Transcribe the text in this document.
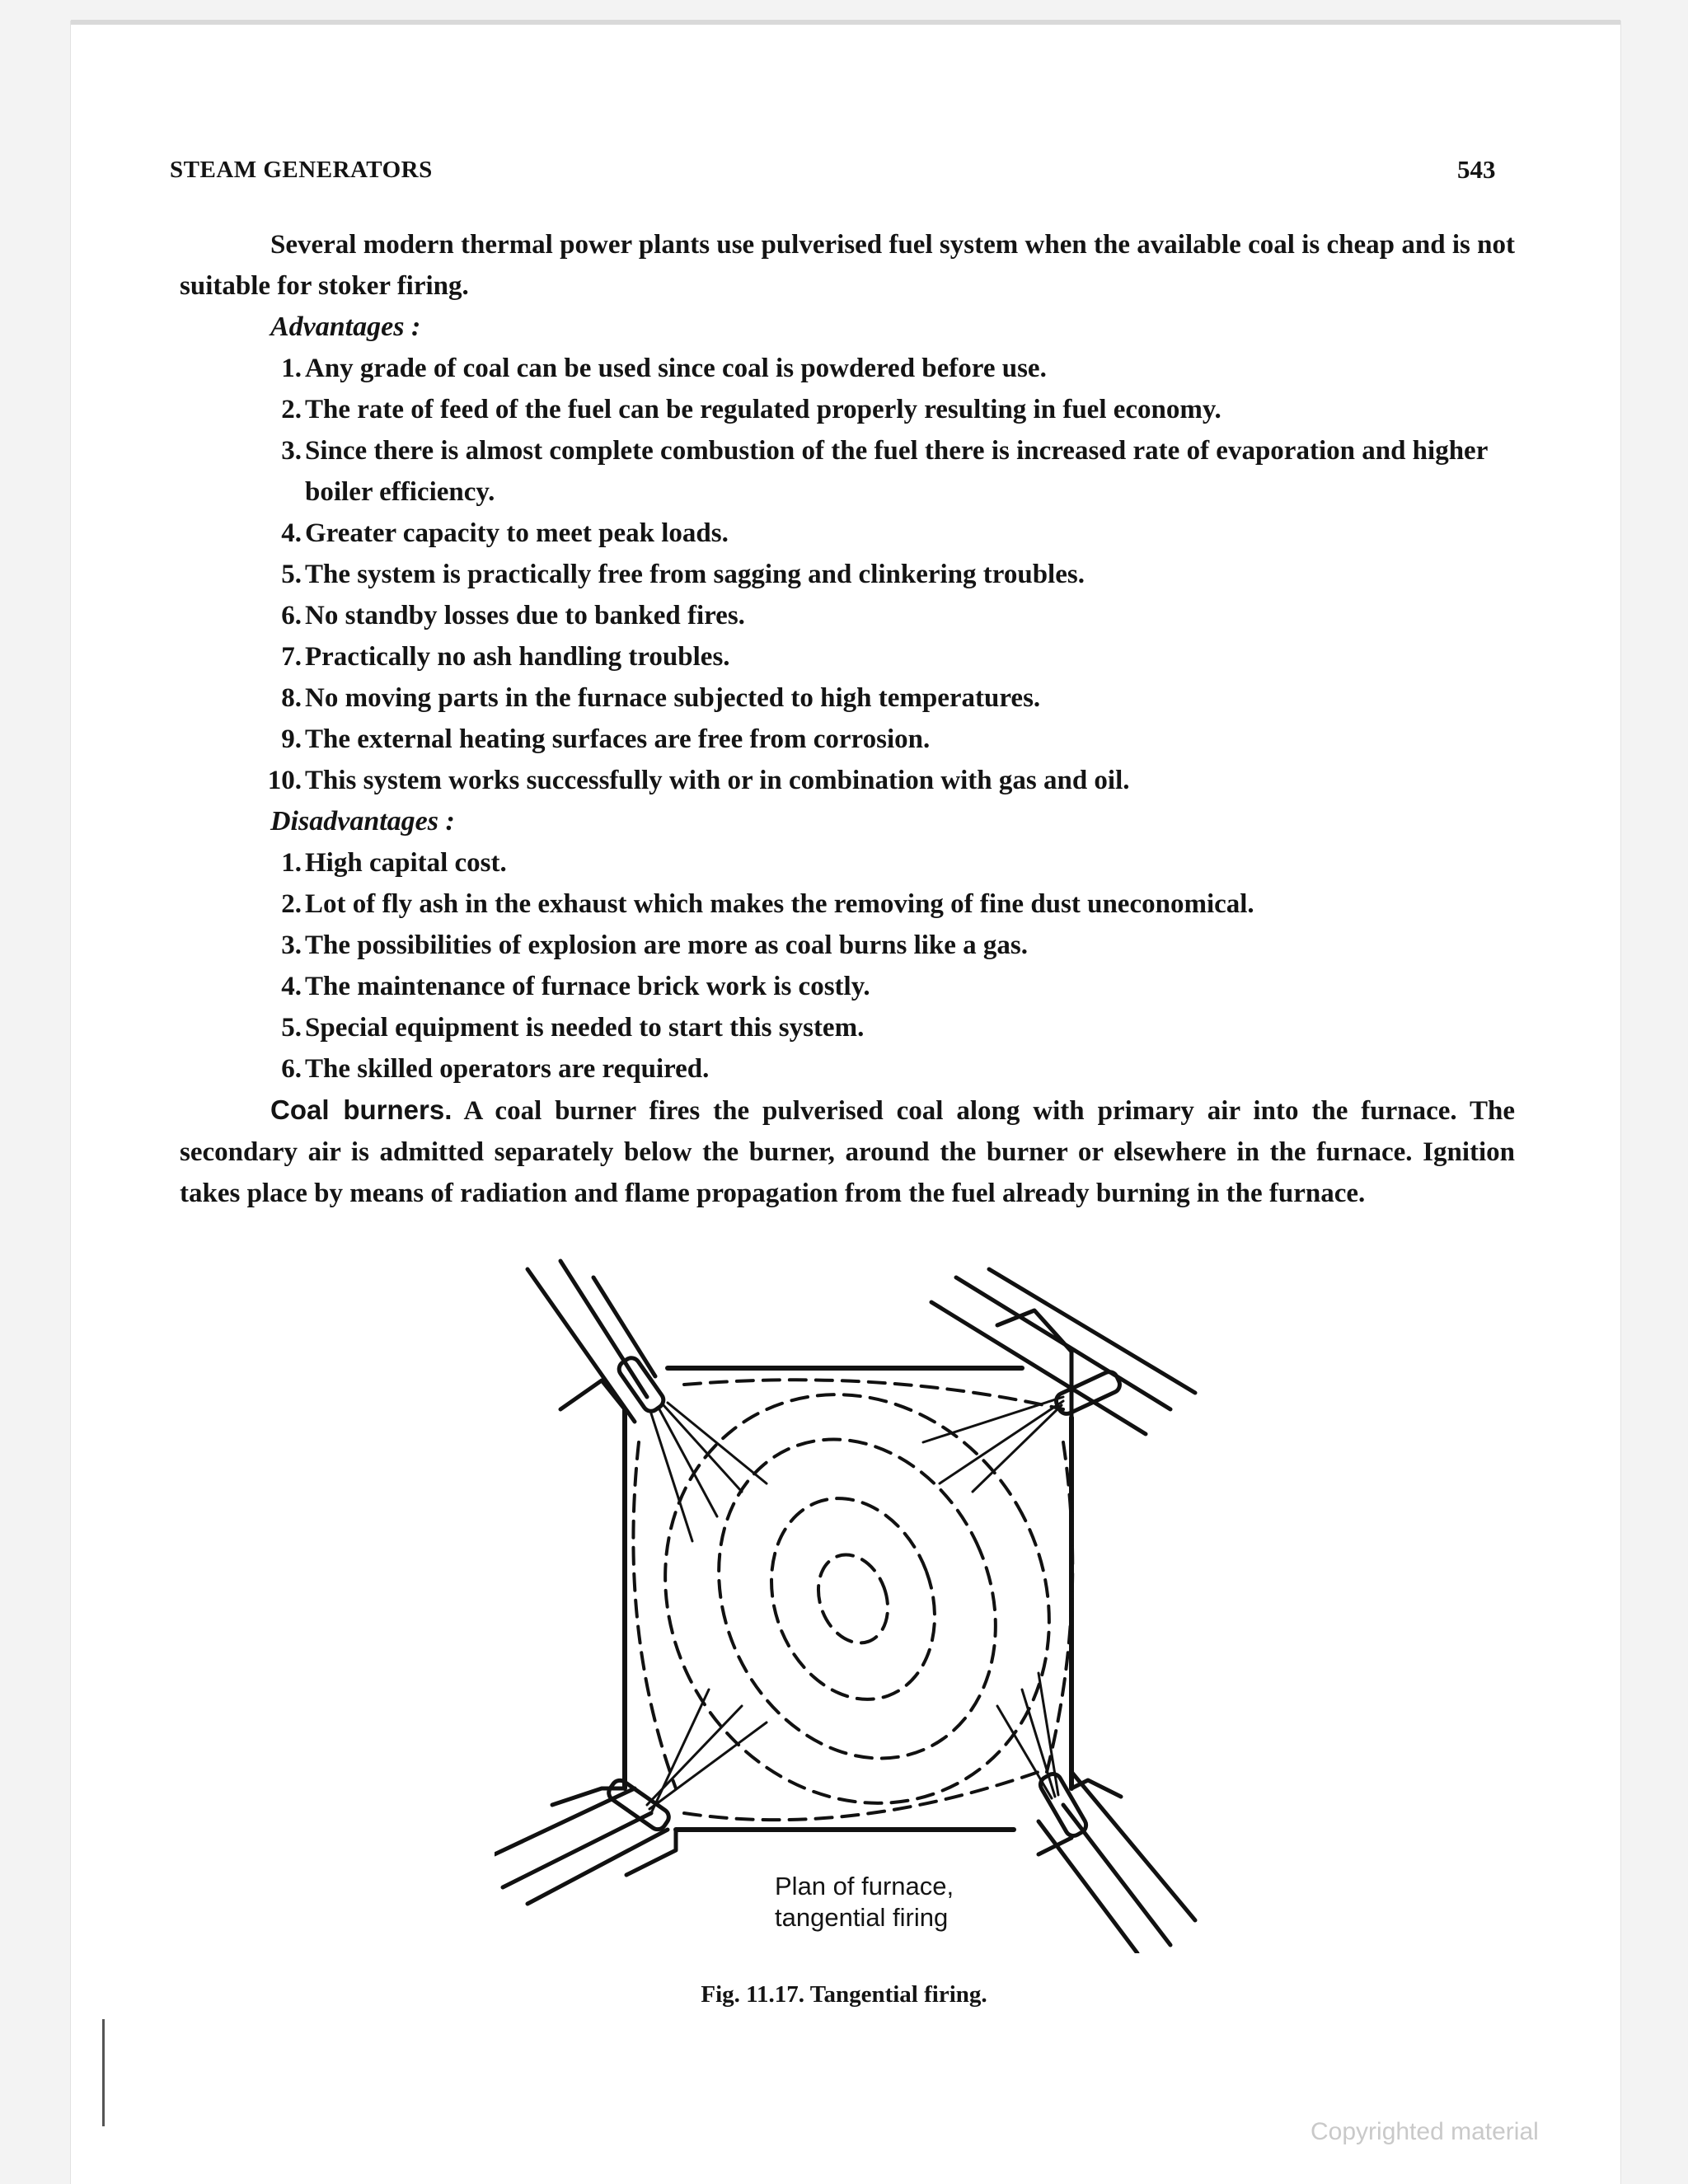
STEAM GENERATORS	543

Several modern thermal power plants use pulverised fuel system when the available coal is cheap and is not suitable for stoker firing.

Advantages :

1. Any grade of coal can be used since coal is powdered before use.
2. The rate of feed of the fuel can be regulated properly resulting in fuel economy.
3. Since there is almost complete combustion of the fuel there is increased rate of evaporation and higher boiler efficiency.
4. Greater capacity to meet peak loads.
5. The system is practically free from sagging and clinkering troubles.
6. No standby losses due to banked fires.
7. Practically no ash handling troubles.
8. No moving parts in the furnace subjected to high temperatures.
9. The external heating surfaces are free from corrosion.
10. This system works successfully with or in combination with gas and oil.

Disadvantages :

1. High capital cost.
2. Lot of fly ash in the exhaust which makes the removing of fine dust uneconomical.
3. The possibilities of explosion are more as coal burns like a gas.
4. The maintenance of furnace brick work is costly.
5. Special equipment is needed to start this system.
6. The skilled operators are required.

Coal burners. A coal burner fires the pulverised coal along with primary air into the furnace. The secondary air is admitted separately below the burner, around the burner or elsewhere in the furnace. Ignition takes place by means of radiation and flame propagation from the fuel already burning in the furnace.

Plan of furnace,
tangential firing
Fig. 11.17. Tangential firing.
Copyrighted material
